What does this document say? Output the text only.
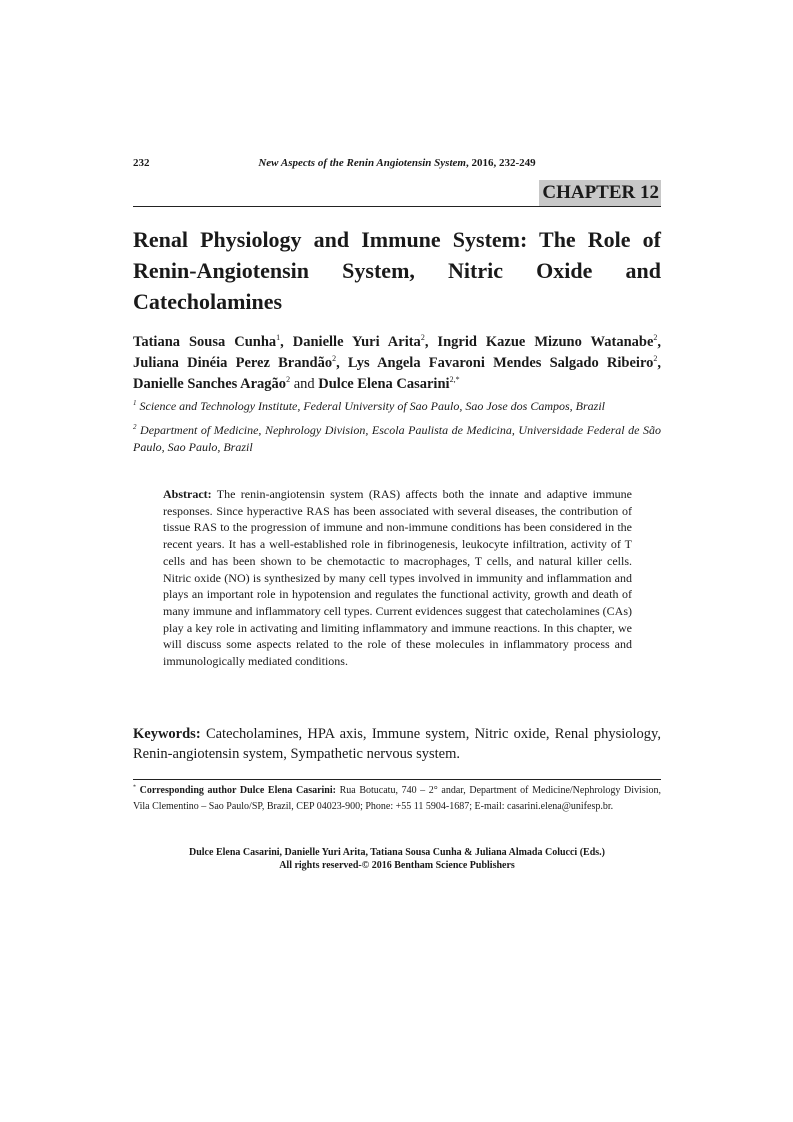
232	New Aspects of the Renin Angiotensin System, 2016, 232-249
CHAPTER 12
Renal Physiology and Immune System: The Role of Renin-Angiotensin System, Nitric Oxide and Catecholamines

Tatiana Sousa Cunha$^1$, Danielle Yuri Arita$^2$, Ingrid Kazue Mizuno Watanabe$^2$, Juliana Dinéia Perez Brandão$^2$, Lys Angela Favaroni Mendes Salgado Ribeiro$^2$, Danielle Sanches Aragão$^2$ and Dulce Elena Casarini$^{2,*}$

$^1$ Science and Technology Institute, Federal University of Sao Paulo, Sao Jose dos Campos, Brazil

$^2$ Department of Medicine, Nephrology Division, Escola Paulista de Medicina, Universidade Federal de São Paulo, Sao Paulo, Brazil

Abstract: The renin-angiotensin system (RAS) affects both the innate and adaptive immune responses. Since hyperactive RAS has been associated with several diseases, the contribution of tissue RAS to the progression of immune and non-immune conditions has been considered in the recent years. It has a well-established role in fibrinogenesis, leukocyte infiltration, activity of T cells and has been shown to be chemotactic to macrophages, T cells, and natural killer cells. Nitric oxide (NO) is synthesized by many cell types involved in immunity and inflammation and plays an important role in hypotension and regulates the functional activity, growth and death of many immune and inflammatory cell types. Current evidences suggest that catecholamines (CAs) play a key role in activating and limiting inflammatory and immune reactions. In this chapter, we will discuss some aspects related to the role of these molecules in inflammatory process and immunologically mediated conditions.

Keywords: Catecholamines, HPA axis, Immune system, Nitric oxide, Renal physiology, Renin-angiotensin system, Sympathetic nervous system.

* Corresponding author Dulce Elena Casarini: Rua Botucatu, 740 – 2° andar, Department of Medicine/Nephrology Division, Vila Clementino – Sao Paulo/SP, Brazil, CEP 04023-900; Phone: +55 11 5904-1687; E-mail: casarini.elena@unifesp.br.

Dulce Elena Casarini, Danielle Yuri Arita, Tatiana Sousa Cunha & Juliana Almada Colucci (Eds.)

All rights reserved-© 2016 Bentham Science Publishers
